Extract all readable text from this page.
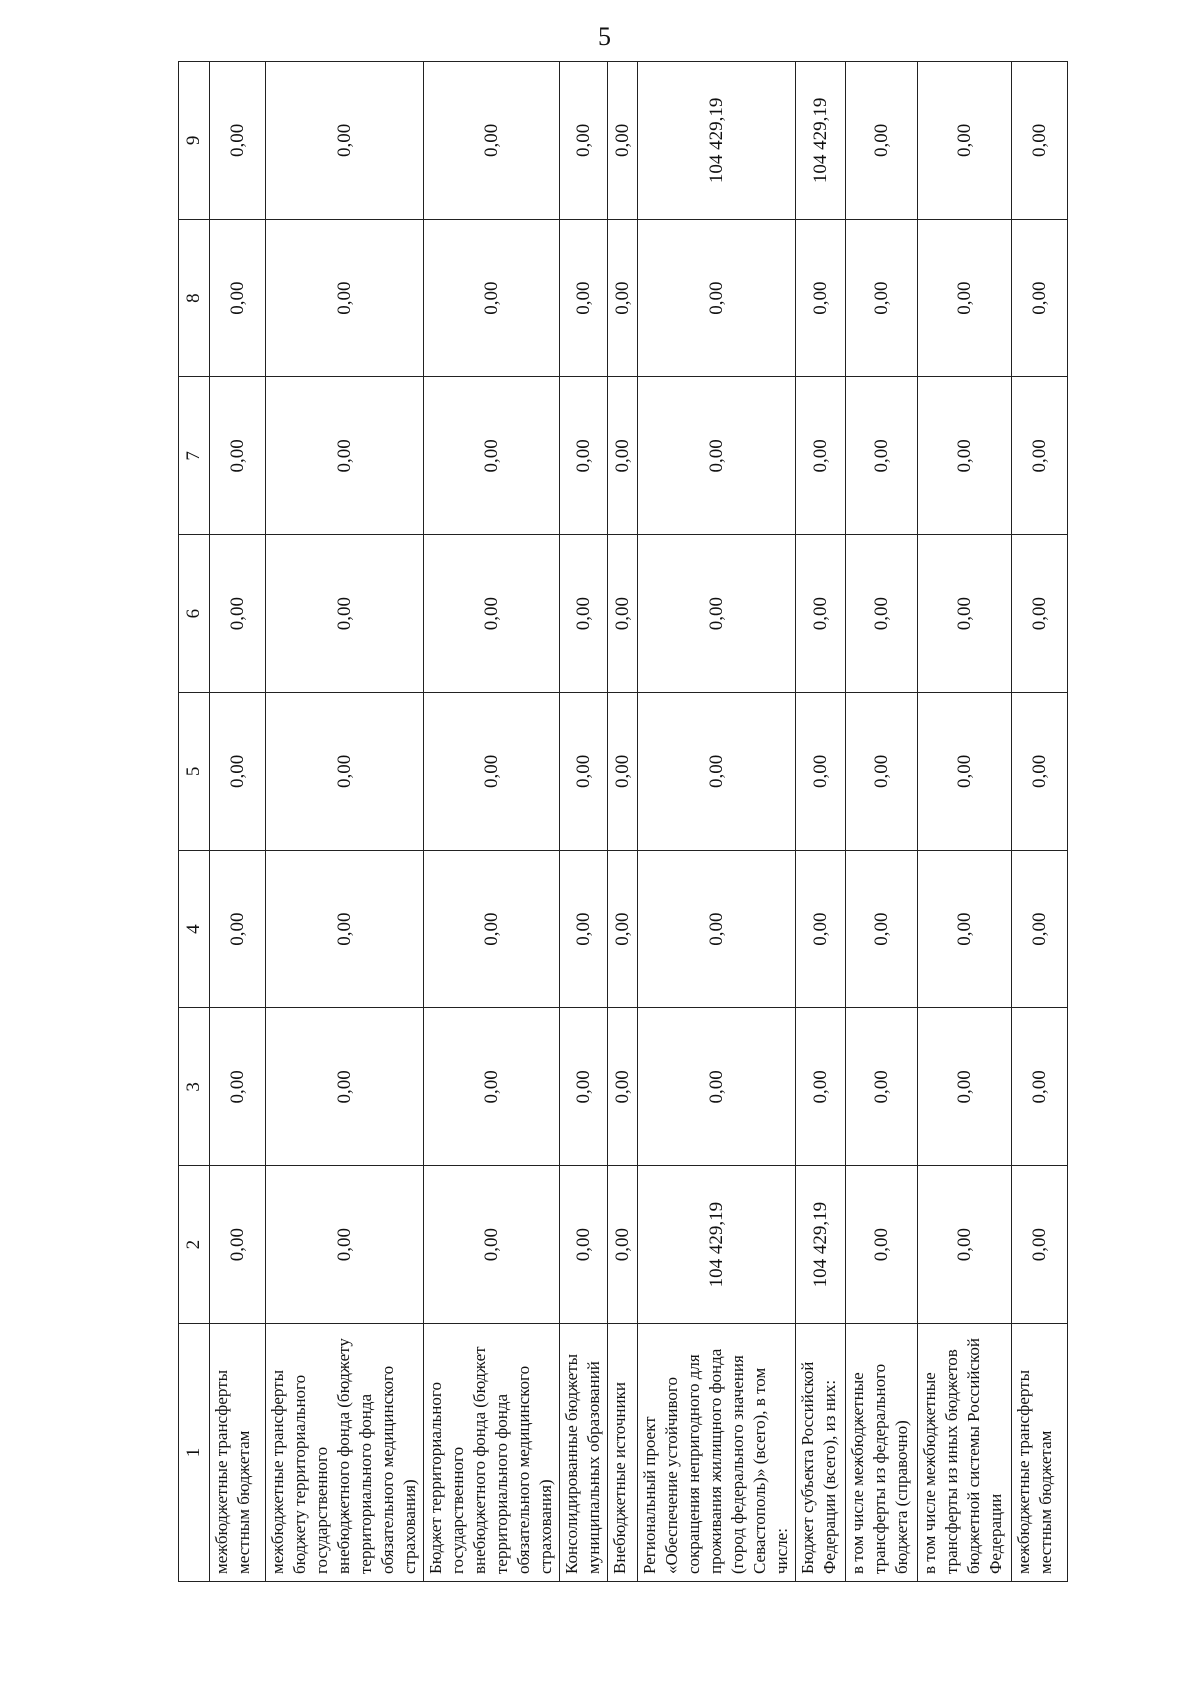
5
1	2	3	4	5	6	7	8	9
межбюджетные трансферты местным бюджетам	0,00	0,00	0,00	0,00	0,00	0,00	0,00	0,00
межбюджетные трансферты бюджету территориального государственного внебюджетного фонда (бюджету территориального фонда обязательного медицинского страхования)	0,00	0,00	0,00	0,00	0,00	0,00	0,00	0,00
Бюджет территориального государственного внебюджетного фонда (бюджет территориального фонда обязательного медицинского страхования)	0,00	0,00	0,00	0,00	0,00	0,00	0,00	0,00
Консолидированные бюджеты муниципальных образований	0,00	0,00	0,00	0,00	0,00	0,00	0,00	0,00
Внебюджетные источники	0,00	0,00	0,00	0,00	0,00	0,00	0,00	0,00
Региональный проект «Обеспечение устойчивого сокращения непригодного для проживания жилищного фонда (город федерального значения Севастополь)» (всего), в том числе:	104 429,19	0,00	0,00	0,00	0,00	0,00	0,00	104 429,19
Бюджет субъекта Российской Федерации (всего), из них:	104 429,19	0,00	0,00	0,00	0,00	0,00	0,00	104 429,19
в том числе межбюджетные трансферты из федерального бюджета (справочно)	0,00	0,00	0,00	0,00	0,00	0,00	0,00	0,00
в том числе межбюджетные трансферты из иных бюджетов бюджетной системы Российской Федерации	0,00	0,00	0,00	0,00	0,00	0,00	0,00	0,00
межбюджетные трансферты местным бюджетам	0,00	0,00	0,00	0,00	0,00	0,00	0,00	0,00
